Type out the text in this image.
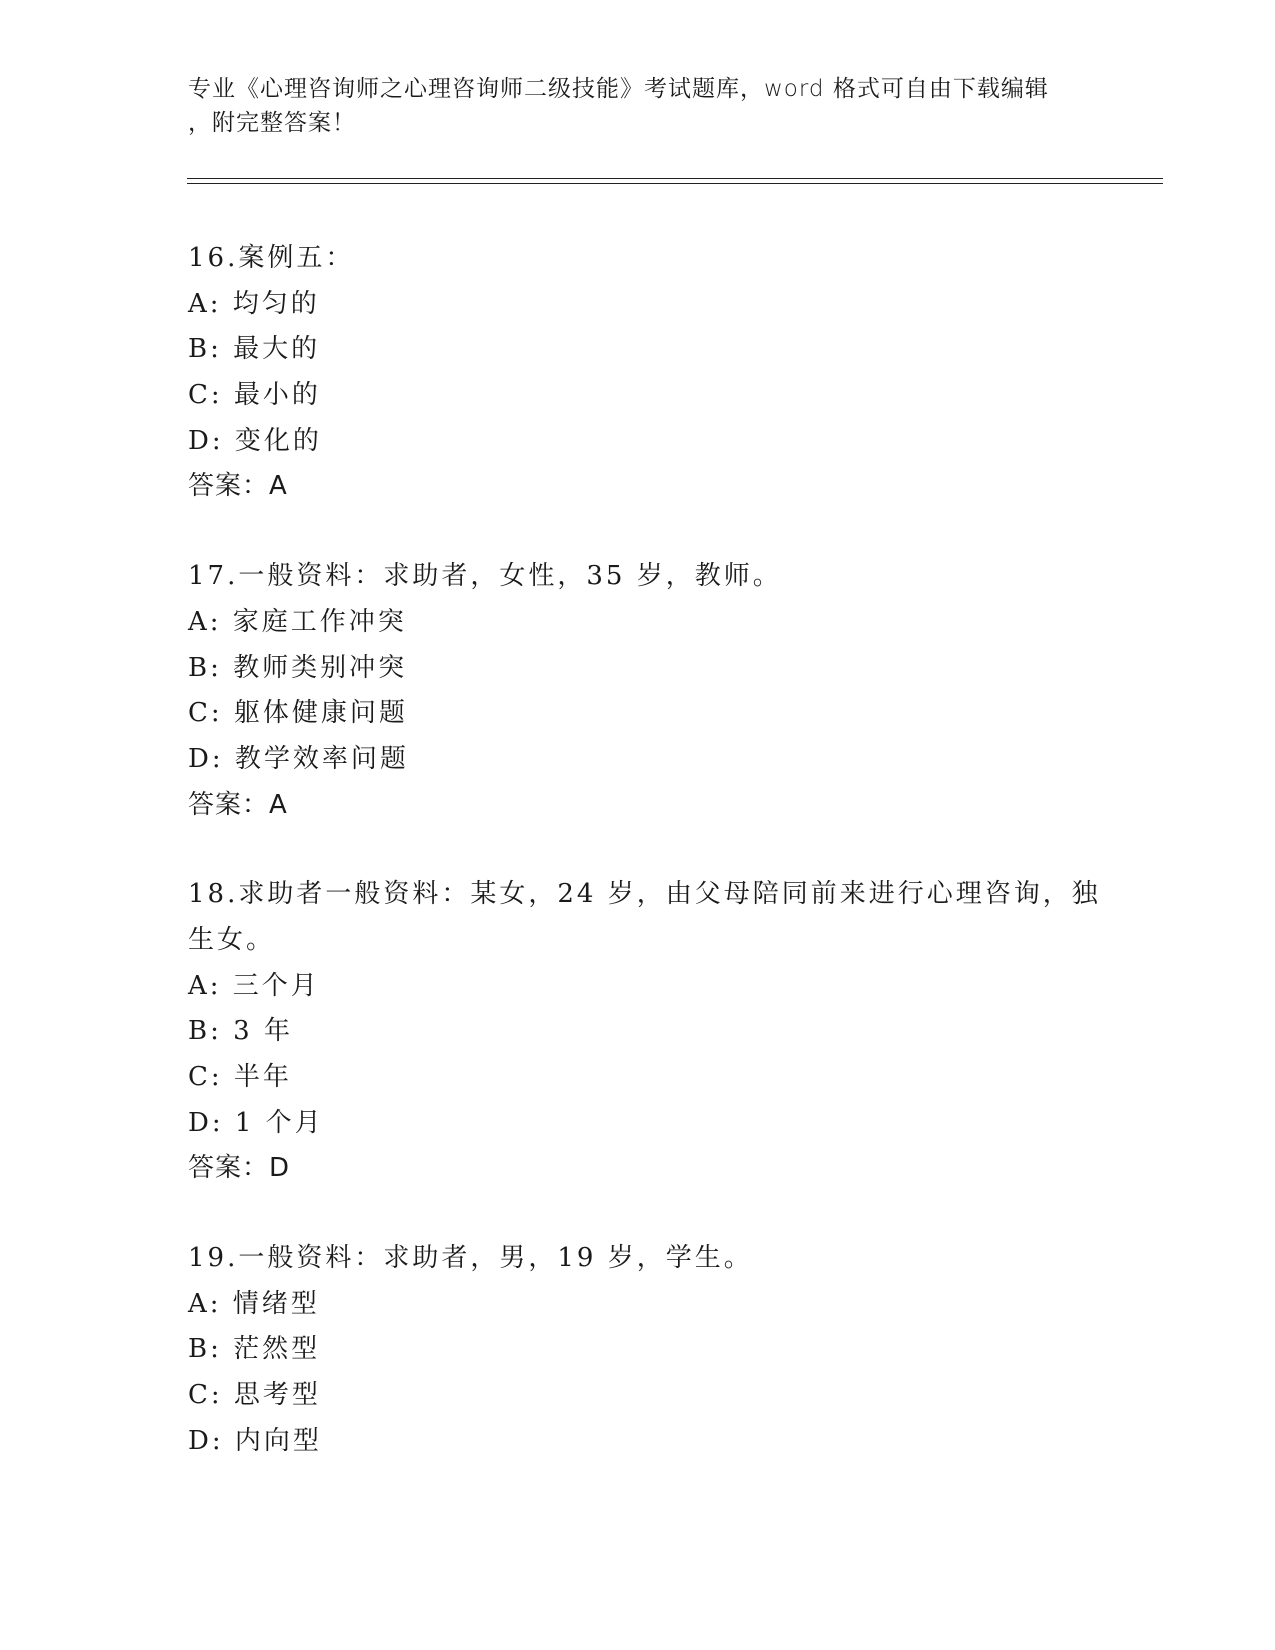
专业《心理咨询师之心理咨询师二级技能》考试题库，word 格式可自由下载编辑
，附完整答案！
16.案例五：
A: 均匀的
B: 最大的
C: 最小的
D: 变化的
答案：A
17.一般资料：求助者，女性，35 岁，教师。
A: 家庭工作冲突
B: 教师类别冲突
C: 躯体健康问题
D: 教学效率问题
答案：A
18.求助者一般资料：某女，24 岁，由父母陪同前来进行心理咨询，独
生女。
A: 三个月
B: 3 年
C: 半年
D: 1 个月
答案：D
19.一般资料：求助者，男，19 岁，学生。
A: 情绪型
B: 茫然型
C: 思考型
D: 内向型
